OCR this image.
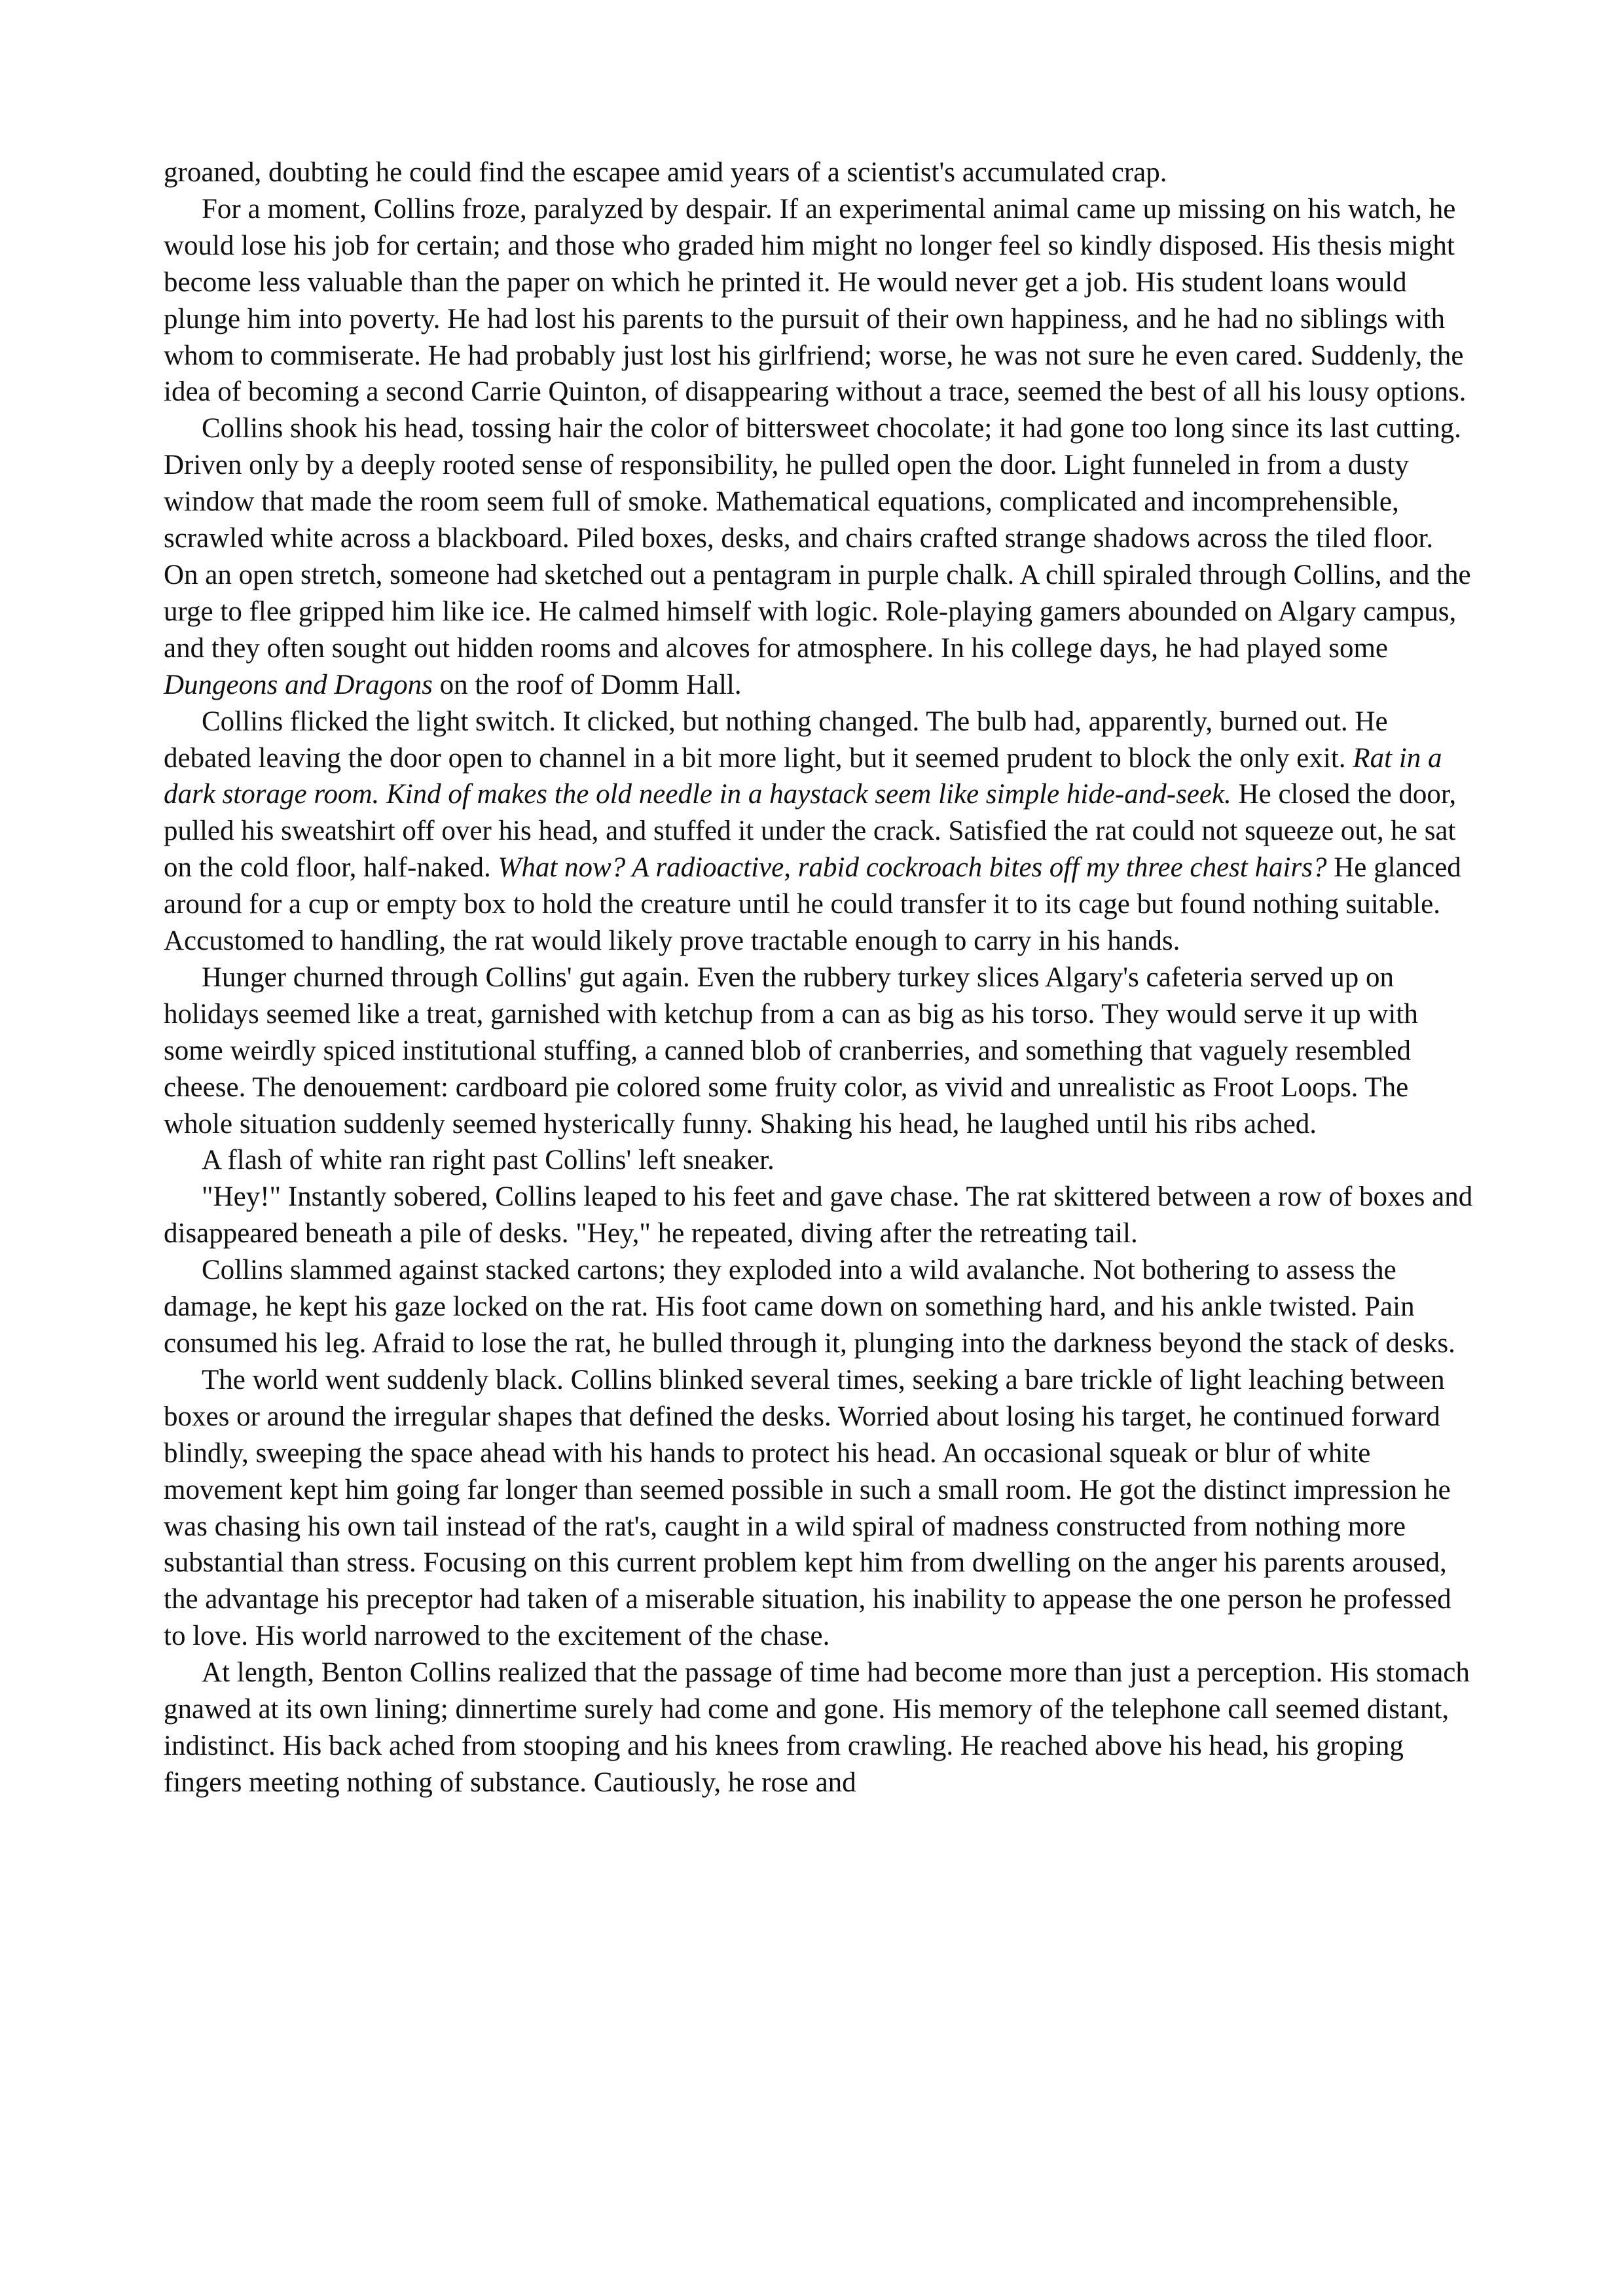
groaned, doubting he could find the escapee amid years of a scientist's accumulated crap.

For a moment, Collins froze, paralyzed by despair. If an experimental animal came up missing on his watch, he would lose his job for certain; and those who graded him might no longer feel so kindly disposed. His thesis might become less valuable than the paper on which he printed it. He would never get a job. His student loans would plunge him into poverty. He had lost his parents to the pursuit of their own happiness, and he had no siblings with whom to commiserate. He had probably just lost his girlfriend; worse, he was not sure he even cared. Suddenly, the idea of becoming a second Carrie Quinton, of disappearing without a trace, seemed the best of all his lousy options.

Collins shook his head, tossing hair the color of bittersweet chocolate; it had gone too long since its last cutting. Driven only by a deeply rooted sense of responsibility, he pulled open the door. Light funneled in from a dusty window that made the room seem full of smoke. Mathematical equations, complicated and incomprehensible, scrawled white across a blackboard. Piled boxes, desks, and chairs crafted strange shadows across the tiled floor. On an open stretch, someone had sketched out a pentagram in purple chalk. A chill spiraled through Collins, and the urge to flee gripped him like ice. He calmed himself with logic. Role-playing gamers abounded on Algary campus, and they often sought out hidden rooms and alcoves for atmosphere. In his college days, he had played some Dungeons and Dragons on the roof of Domm Hall.

Collins flicked the light switch. It clicked, but nothing changed. The bulb had, apparently, burned out. He debated leaving the door open to channel in a bit more light, but it seemed prudent to block the only exit. Rat in a dark storage room. Kind of makes the old needle in a haystack seem like simple hide-and-seek. He closed the door, pulled his sweatshirt off over his head, and stuffed it under the crack. Satisfied the rat could not squeeze out, he sat on the cold floor, half-naked. What now? A radioactive, rabid cockroach bites off my three chest hairs? He glanced around for a cup or empty box to hold the creature until he could transfer it to its cage but found nothing suitable. Accustomed to handling, the rat would likely prove tractable enough to carry in his hands.

Hunger churned through Collins' gut again. Even the rubbery turkey slices Algary's cafeteria served up on holidays seemed like a treat, garnished with ketchup from a can as big as his torso. They would serve it up with some weirdly spiced institutional stuffing, a canned blob of cranberries, and something that vaguely resembled cheese. The denouement: cardboard pie colored some fruity color, as vivid and unrealistic as Froot Loops. The whole situation suddenly seemed hysterically funny. Shaking his head, he laughed until his ribs ached.

A flash of white ran right past Collins' left sneaker.

"Hey!" Instantly sobered, Collins leaped to his feet and gave chase. The rat skittered between a row of boxes and disappeared beneath a pile of desks. "Hey," he repeated, diving after the retreating tail.

Collins slammed against stacked cartons; they exploded into a wild avalanche. Not bothering to assess the damage, he kept his gaze locked on the rat. His foot came down on something hard, and his ankle twisted. Pain consumed his leg. Afraid to lose the rat, he bulled through it, plunging into the darkness beyond the stack of desks.

The world went suddenly black. Collins blinked several times, seeking a bare trickle of light leaching between boxes or around the irregular shapes that defined the desks. Worried about losing his target, he continued forward blindly, sweeping the space ahead with his hands to protect his head. An occasional squeak or blur of white movement kept him going far longer than seemed possible in such a small room. He got the distinct impression he was chasing his own tail instead of the rat's, caught in a wild spiral of madness constructed from nothing more substantial than stress. Focusing on this current problem kept him from dwelling on the anger his parents aroused, the advantage his preceptor had taken of a miserable situation, his inability to appease the one person he professed to love. His world narrowed to the excitement of the chase.

At length, Benton Collins realized that the passage of time had become more than just a perception. His stomach gnawed at its own lining; dinnertime surely had come and gone. His memory of the telephone call seemed distant, indistinct. His back ached from stooping and his knees from crawling. He reached above his head, his groping fingers meeting nothing of substance. Cautiously, he rose and
